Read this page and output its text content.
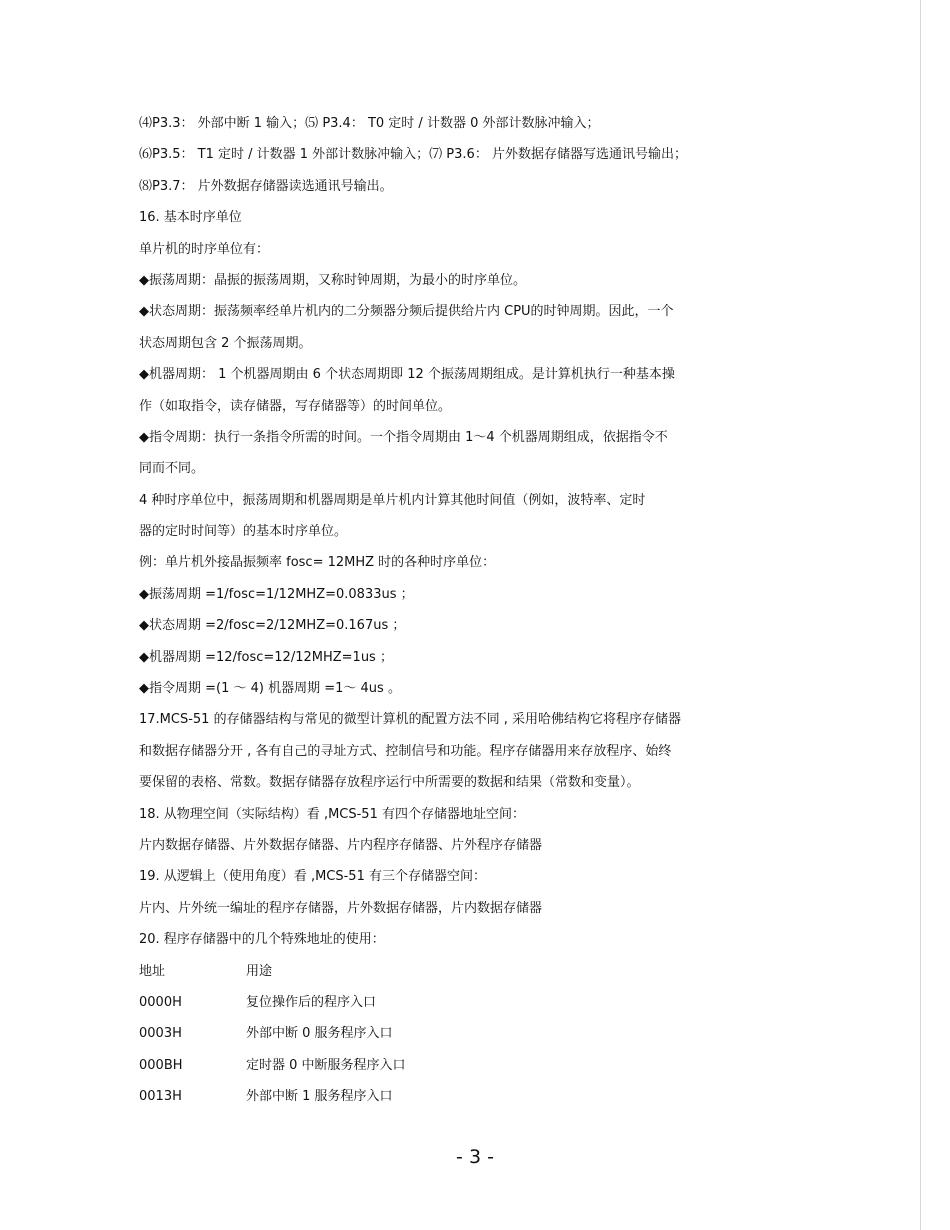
⑷P3.3： 外部中断 1 输入；⑸ P3.4： T0 定时 / 计数器 0 外部计数脉冲输入；
⑹P3.5： T1 定时 / 计数器 1 外部计数脉冲输入；⑺ P3.6： 片外数据存储器写选通讯号输出；
⑻P3.7： 片外数据存储器读选通讯号输出。
16. 基本时序单位
单片机的时序单位有：
◆振荡周期：晶振的振荡周期，又称时钟周期，为最小的时序单位。
◆状态周期：振荡频率经单片机内的二分频器分频后提供给片内 CPU的时钟周期。因此，一个
状态周期包含 2 个振荡周期。
◆机器周期： 1 个机器周期由 6 个状态周期即 12 个振荡周期组成。是计算机执行一种基本操
作（如取指令，读存储器，写存储器等）的时间单位。
◆指令周期：执行一条指令所需的时间。一个指令周期由 1～4 个机器周期组成，依据指令不
同而不同。
4 种时序单位中，振荡周期和机器周期是单片机内计算其他时间值（例如，波特率、定时
器的定时时间等）的基本时序单位。
例：单片机外接晶振频率 fosc= 12MHZ 时的各种时序单位：
◆振荡周期 =1/fosc=1/12MHZ=0.0833us ；
◆状态周期 =2/fosc=2/12MHZ=0.167us ；
◆机器周期 =12/fosc=12/12MHZ=1us ；
◆指令周期 =(1 ～ 4) 机器周期 =1～ 4us 。
17.MCS-51 的存储器结构与常见的微型计算机的配置方法不同 , 采用哈佛结构它将程序存储器
和数据存储器分开 , 各有自己的寻址方式、控制信号和功能。程序存储器用来存放程序、始终
要保留的表格、常数。数据存储器存放程序运行中所需要的数据和结果（常数和变量）。
18. 从物理空间（实际结构）看 ,MCS-51 有四个存储器地址空间：
片内数据存储器、片外数据存储器、片内程序存储器、片外程序存储器
19. 从逻辑上（使用角度）看 ,MCS-51 有三个存储器空间：
片内、片外统一编址的程序存储器，片外数据存储器，片内数据存储器
20. 程序存储器中的几个特殊地址的使用：
地址	用途
0000H	复位操作后的程序入口
0003H	外部中断 0 服务程序入口
000BH	定时器 0 中断服务程序入口
0013H	外部中断 1 服务程序入口
- 3 -
